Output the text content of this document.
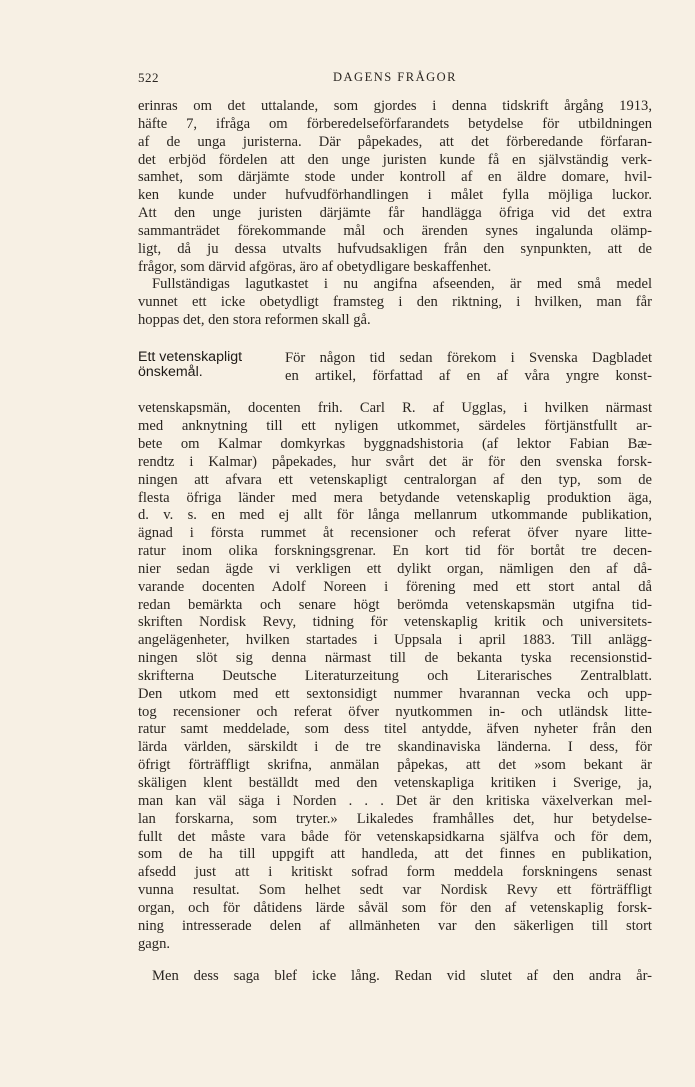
522	DAGENS FRÅGOR

erinras om det uttalande, som gjordes i denna tidskrift årgång 1913,
häfte 7, ifråga om förberedelseförfarandets betydelse för utbildningen
af de unga juristerna. Där påpekades, att det förberedande förfaran-
det erbjöd fördelen att den unge juristen kunde få en självständig verk-
samhet, som därjämte stode under kontroll af en äldre domare, hvil-
ken kunde under hufvudförhandlingen i målet fylla möjliga luckor.
Att den unge juristen därjämte får handlägga öfriga vid det extra
sammanträdet förekommande mål och ärenden synes ingalunda olämp-
ligt, då ju dessa utvalts hufvudsakligen från den synpunkten, att de
frågor, som därvid afgöras, äro af obetydligare beskaffenhet.

Fullständigas lagutkastet i nu angifna afseenden, är med små medel
vunnet ett icke obetydligt framsteg i den riktning, i hvilken, man får
hoppas det, den stora reformen skall gå.

Ett vetenskapligt
önskemål.
För någon tid sedan förekom i Svenska Dagbladet
en artikel, författad af en af våra yngre konst-

vetenskapsmän, docenten frih. Carl R. af Ugglas, i hvilken närmast
med anknytning till ett nyligen utkommet, särdeles förtjänstfullt ar-
bete om Kalmar domkyrkas byggnadshistoria (af lektor Fabian Bæ-
rendtz i Kalmar) påpekades, hur svårt det är för den svenska forsk-
ningen att afvara ett vetenskapligt centralorgan af den typ, som de
flesta öfriga länder med mera betydande vetenskaplig produktion äga,
d. v. s. en med ej allt för långa mellanrum utkommande publikation,
ägnad i första rummet åt recensioner och referat öfver nyare litte-
ratur inom olika forskningsgrenar. En kort tid för bortåt tre decen-
nier sedan ägde vi verkligen ett dylikt organ, nämligen den af då-
varande docenten Adolf Noreen i förening med ett stort antal då
redan bemärkta och senare högt berömda vetenskapsmän utgifna tid-
skriften Nordisk Revy, tidning för vetenskaplig kritik och universitets-
angelägenheter, hvilken startades i Uppsala i april 1883. Till anlägg-
ningen slöt sig denna närmast till de bekanta tyska recensionstid-
skrifterna Deutsche Literaturzeitung och Literarisches Zentralblatt.
Den utkom med ett sextonsidigt nummer hvarannan vecka och upp-
tog recensioner och referat öfver nyutkommen in- och utländsk litte-
ratur samt meddelade, som dess titel antydde, äfven nyheter från den
lärda världen, särskildt i de tre skandinaviska länderna. I dess, för
öfrigt förträffligt skrifna, anmälan påpekas, att det »som bekant är
skäligen klent beställdt med den vetenskapliga kritiken i Sverige, ja,
man kan väl säga i Norden . . . Det är den kritiska växelverkan mel-
lan forskarna, som tryter.» Likaledes framhålles det, hur betydelse-
fullt det måste vara både för vetenskapsidkarna själfva och för dem,
som de ha till uppgift att handleda, att det finnes en publikation,
afsedd just att i kritiskt sofrad form meddela forskningens senast
vunna resultat. Som helhet sedt var Nordisk Revy ett förträffligt
organ, och för dåtidens lärde såväl som för den af vetenskaplig forsk-
ning intresserade delen af allmänheten var den säkerligen till stort
gagn.

Men dess saga blef icke lång. Redan vid slutet af den andra år-
